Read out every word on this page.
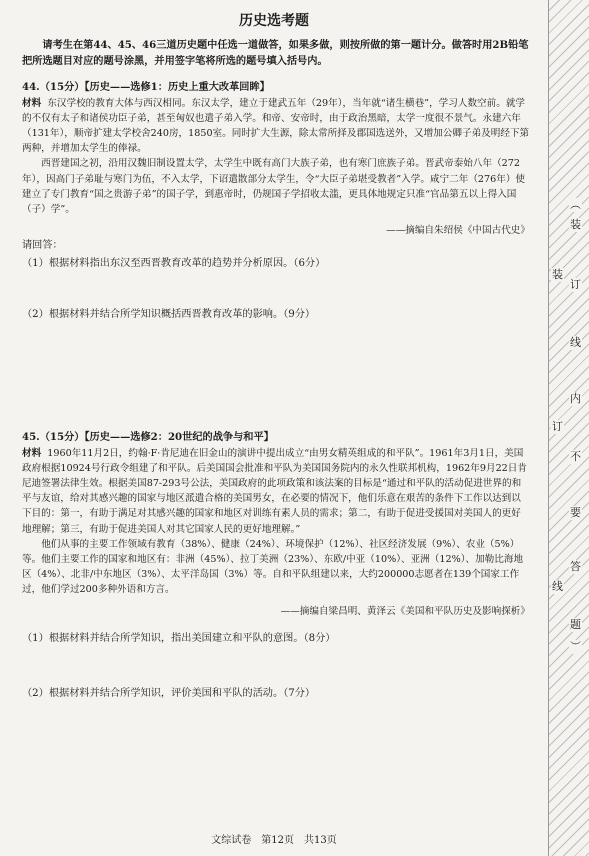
历史选考题

请考生在第44、45、46三道历史题中任选一道做答，如果多做，则按所做的第一题计分。做答时用2B铅笔把所选题目对应的题号涂黑，并用签字笔将所选的题号填入括号内。

44.（15分）【历史——选修1：历史上重大改革回眸】

材料 东汉学校的教育大体与西汉相同。东汉太学，建立于建武五年（29年），当年就“诸生横巷”，学习人数空前。就学的不仅有太子和诸侯功臣子弟，甚至匈奴也遣子弟入学。和帝、安帝时，由于政治黑暗，太学一度很不景气。永建六年（131年），顺帝扩建太学校舍240房，1850室。同时扩大生源，除太常所择及郡国选送外，又增加公卿子弟及明经下第两种，并增加太学生的俸禄。

西晋建国之初，沿用汉魏旧制设置太学，太学生中既有高门大族子弟，也有寒门庶族子弟。晋武帝泰始八年（272年），因高门子弟耻与寒门为伍，不入太学，下诏遣散部分太学生，令“大臣子弟堪受教者”入学。咸宁二年（276年）使建立了专门教育“国之贵游子弟”的国子学，到惠帝时，仍规国子学招收太滥，更具体地规定只准“官品第五以上得入国（子）学”。

——摘编自朱绍侯《中国古代史》

请回答：

（1）根据材料指出东汉至西晋教育改革的趋势并分析原因。（6分）

（2）根据材料并结合所学知识概括西晋教育改革的影响。（9分）

45.（15分）【历史——选修2：20世纪的战争与和平】

材料 1960年11月2日，约翰·F·肯尼迪在旧金山的演讲中提出成立“由男女精英组成的和平队”。1961年3月1日，美国政府根据10924号行政令组建了和平队。后美国国会批准和平队为美国国务院内的永久性联邦机构，1962年9月22日肯尼迪签署法律生效。根据美国87-293号公法，美国政府的此项政策和该法案的目标是“通过和平队的活动促进世界的和平与友谊，给对其感兴趣的国家与地区派遣合格的美国男女，在必要的情况下，他们乐意在艰苦的条件下工作以达到以下目的：第一，有助于满足对其感兴趣的国家和地区对训练有素人员的需求；第二，有助于促进受援国对美国人的更好地理解；第三，有助于促进美国人对其它国家人民的更好地理解。”

他们从事的主要工作领域有教育（38%）、健康（24%）、环境保护（12%）、社区经济发展（9%）、农业（5%）等。他们主要工作的国家和地区有：非洲（45%）、拉丁美洲（23%）、东欧/中亚（10%）、亚洲（12%）、加勒比海地区（4%）、北非/中东地区（3%）、太平洋岛国（3%）等。自和平队组建以来，大约200000志愿者在139个国家工作过，他们学过200多种外语和方言。

——摘编自梁昌明、黄泽云《美国和平队历史及影响探析》

（1）根据材料并结合所学知识，指出美国建立和平队的意图。（8分）

（2）根据材料并结合所学知识，评价美国和平队的活动。（7分）

文综试卷　第12页　共13页
︵
装
订
线
内
不
要
答
题
︶
装
订
线
